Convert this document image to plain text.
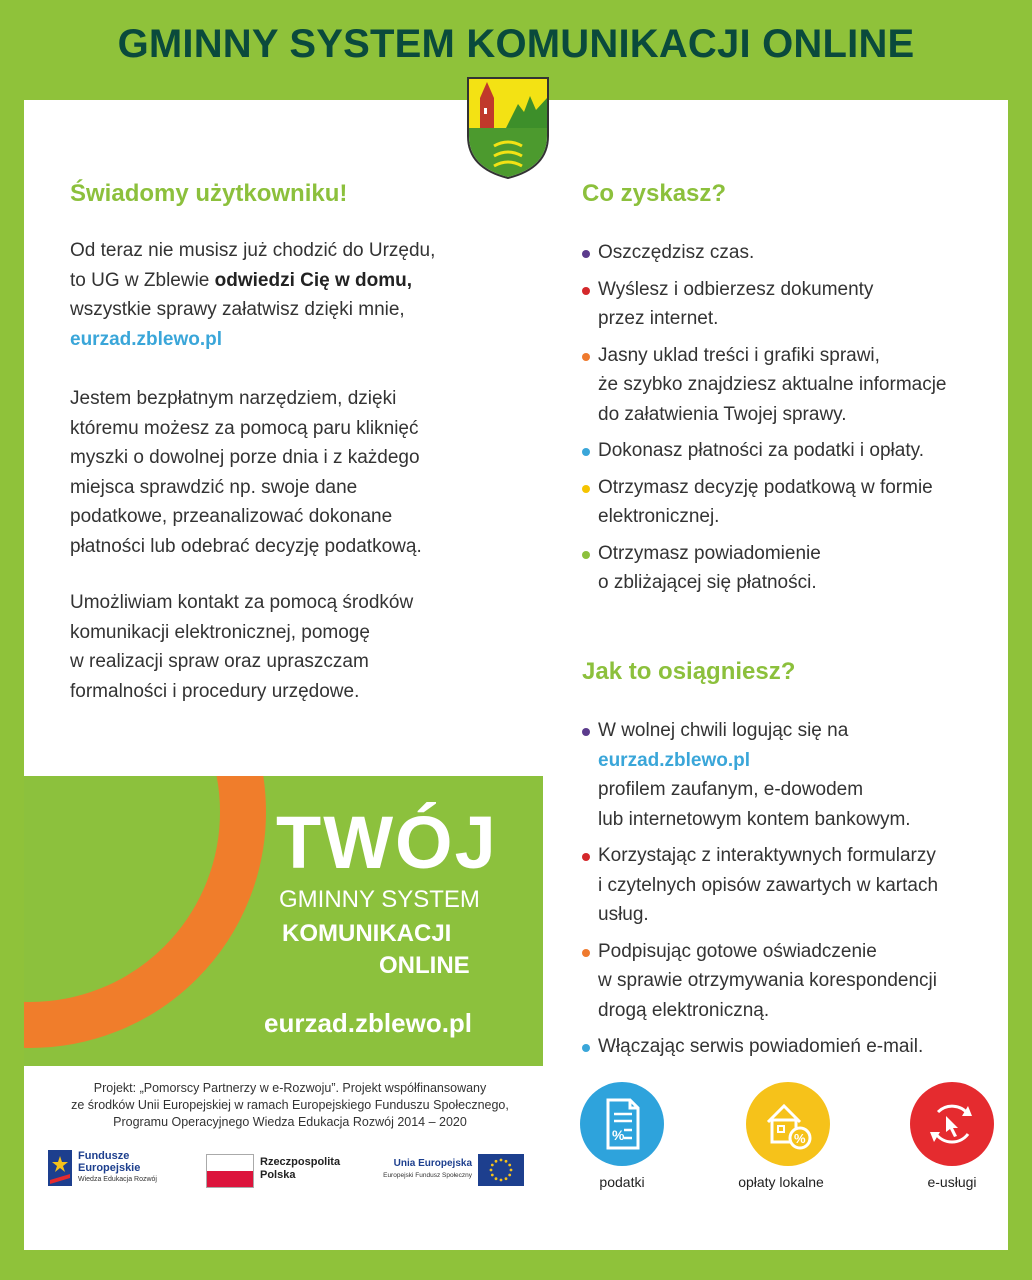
GMINNY SYSTEM KOMUNIKACJI ONLINE
Świadomy użytkowniku!
Od teraz nie musisz już chodzić do Urzędu,
to UG w Zblewie odwiedzi Cię w domu,
wszystkie sprawy załatwisz dzięki mnie,
eurzad.zblewo.pl
Jestem bezpłatnym narzędziem, dzięki
któremu możesz za pomocą paru kliknięć
myszki o dowolnej porze dnia i z każdego
miejsca sprawdzić np. swoje dane
podatkowe, przeanalizować dokonane
płatności lub odebrać decyzję podatkową.
Umożliwiam kontakt za pomocą środków
komunikacji elektronicznej, pomogę
w realizacji spraw oraz upraszczam
formalności i procedury urzędowe.
Co zyskasz?
Oszczędzisz czas.
Wyślesz i odbierzesz dokumenty
przez internet.
Jasny uklad treści i grafiki sprawi,
że szybko znajdziesz aktualne informacje
do załatwienia Twojej sprawy.
Dokonasz płatności za podatki i opłaty.
Otrzymasz decyzję podatkową w formie
elektronicznej.
Otrzymasz powiadomienie
o zbliżającej się płatności.
Jak to osiągniesz?
W wolnej chwili logując się na
eurzad.zblewo.pl
profilem zaufanym, e-dowodem
lub internetowym kontem bankowym.
Korzystając z interaktywnych formularzy
i czytelnych opisów zawartych w kartach
usług.
Podpisując gotowe oświadczenie
w sprawie otrzymywania korespondencji
drogą elektroniczną.
Włączając serwis powiadomień e-mail.
TWÓJ
GMINNY SYSTEM
KOMUNIKACJI
ONLINE
eurzad.zblewo.pl
Projekt: „Pomorscy Partnerzy w e-Rozwoju”. Projekt współfinansowany
ze środków Unii Europejskiej w ramach Europejskiego Funduszu Społecznego,
Programu Operacyjnego Wiedza Edukacja Rozwój 2014 – 2020
Fundusze
Europejskie
Wiedza Edukacja Rozwój
Rzeczpospolita
Polska
Unia Europejska
Europejski Fundusz Społeczny
%	%
podatki	opłaty lokalne	e-usługi
